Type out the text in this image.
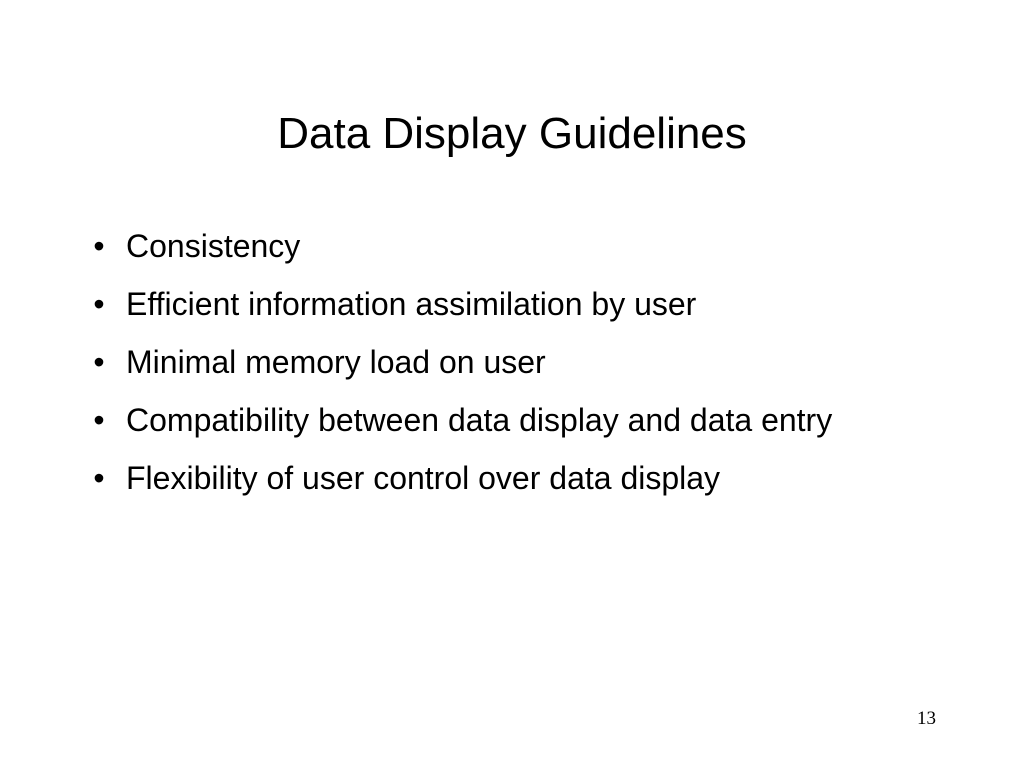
Data Display Guidelines
• Consistency
• Efficient information assimilation by user
• Minimal memory load on user
• Compatibility between data display and data entry
• Flexibility of user control over data display
13
